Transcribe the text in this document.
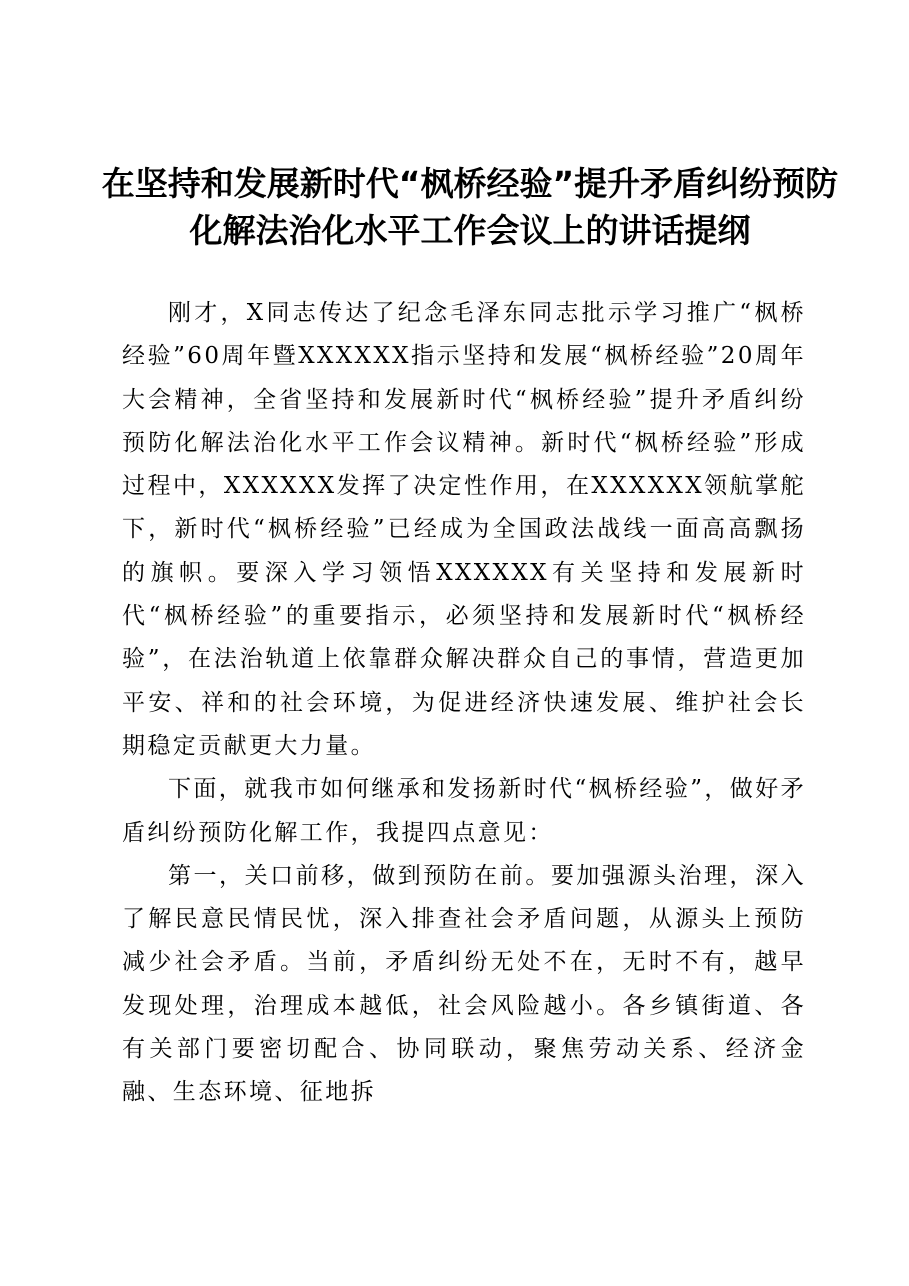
在坚持和发展新时代“枫桥经验”提升矛盾纠纷预防化解法治化水平工作会议上的讲话提纲

刚才，X同志传达了纪念毛泽东同志批示学习推广“枫桥经验”60周年暨XXXXXX指示坚持和发展“枫桥经验”20周年大会精神，全省坚持和发展新时代“枫桥经验”提升矛盾纠纷预防化解法治化水平工作会议精神。新时代“枫桥经验”形成过程中，XXXXXX发挥了决定性作用，在XXXXXX领航掌舵下，新时代“枫桥经验”已经成为全国政法战线一面高高飘扬的旗帜。要深入学习领悟XXXXXX有关坚持和发展新时代“枫桥经验”的重要指示，必须坚持和发展新时代“枫桥经验”，在法治轨道上依靠群众解决群众自己的事情，营造更加平安、祥和的社会环境，为促进经济快速发展、维护社会长期稳定贡献更大力量。

下面，就我市如何继承和发扬新时代“枫桥经验”，做好矛盾纠纷预防化解工作，我提四点意见：

第一，关口前移，做到预防在前。要加强源头治理，深入了解民意民情民忧，深入排查社会矛盾问题，从源头上预防减少社会矛盾。当前，矛盾纠纷无处不在，无时不有，越早发现处理，治理成本越低，社会风险越小。各乡镇街道、各有关部门要密切配合、协同联动，聚焦劳动关系、经济金融、生态环境、征地拆
